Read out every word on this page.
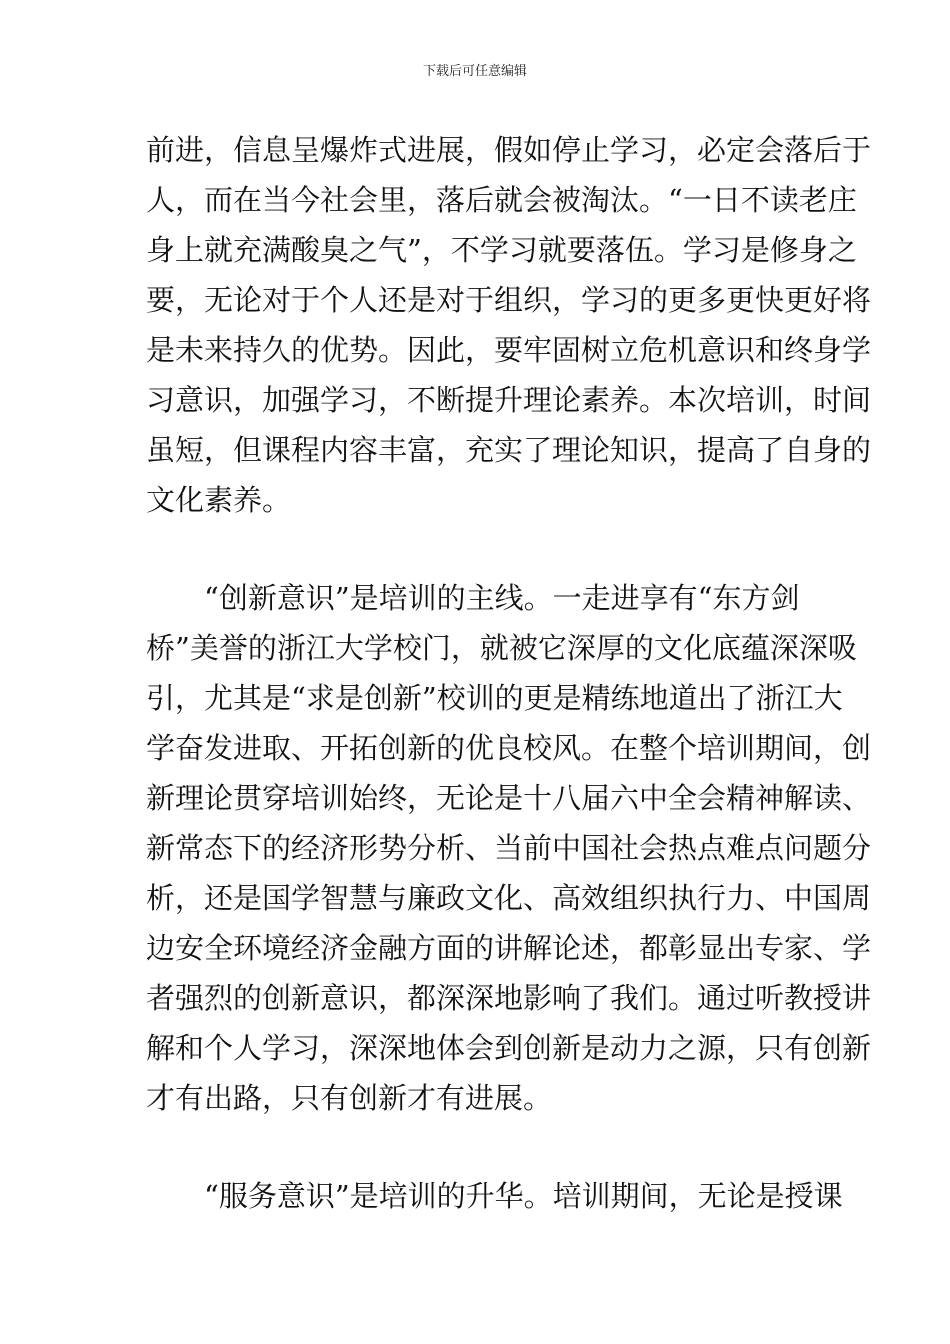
下载后可任意编辑
前进，信息呈爆炸式进展，假如停止学习，必定会落后于
人，而在当今社会里，落后就会被淘汰。“一日不读老庄
身上就充满酸臭之气”，不学习就要落伍。学习是修身之
要，无论对于个人还是对于组织，学习的更多更快更好将
是未来持久的优势。因此，要牢固树立危机意识和终身学
习意识，加强学习，不断提升理论素养。本次培训，时间
虽短，但课程内容丰富，充实了理论知识，提高了自身的
文化素养。
　　“创新意识”是培训的主线。一走进享有“东方剑
桥”美誉的浙江大学校门，就被它深厚的文化底蕴深深吸
引，尤其是“求是创新”校训的更是精练地道出了浙江大
学奋发进取、开拓创新的优良校风。在整个培训期间，创
新理论贯穿培训始终，无论是十八届六中全会精神解读、
新常态下的经济形势分析、当前中国社会热点难点问题分
析，还是国学智慧与廉政文化、高效组织执行力、中国周
边安全环境经济金融方面的讲解论述，都彰显出专家、学
者强烈的创新意识，都深深地影响了我们。通过听教授讲
解和个人学习，深深地体会到创新是动力之源，只有创新
才有出路，只有创新才有进展。
　　“服务意识”是培训的升华。培训期间，无论是授课
